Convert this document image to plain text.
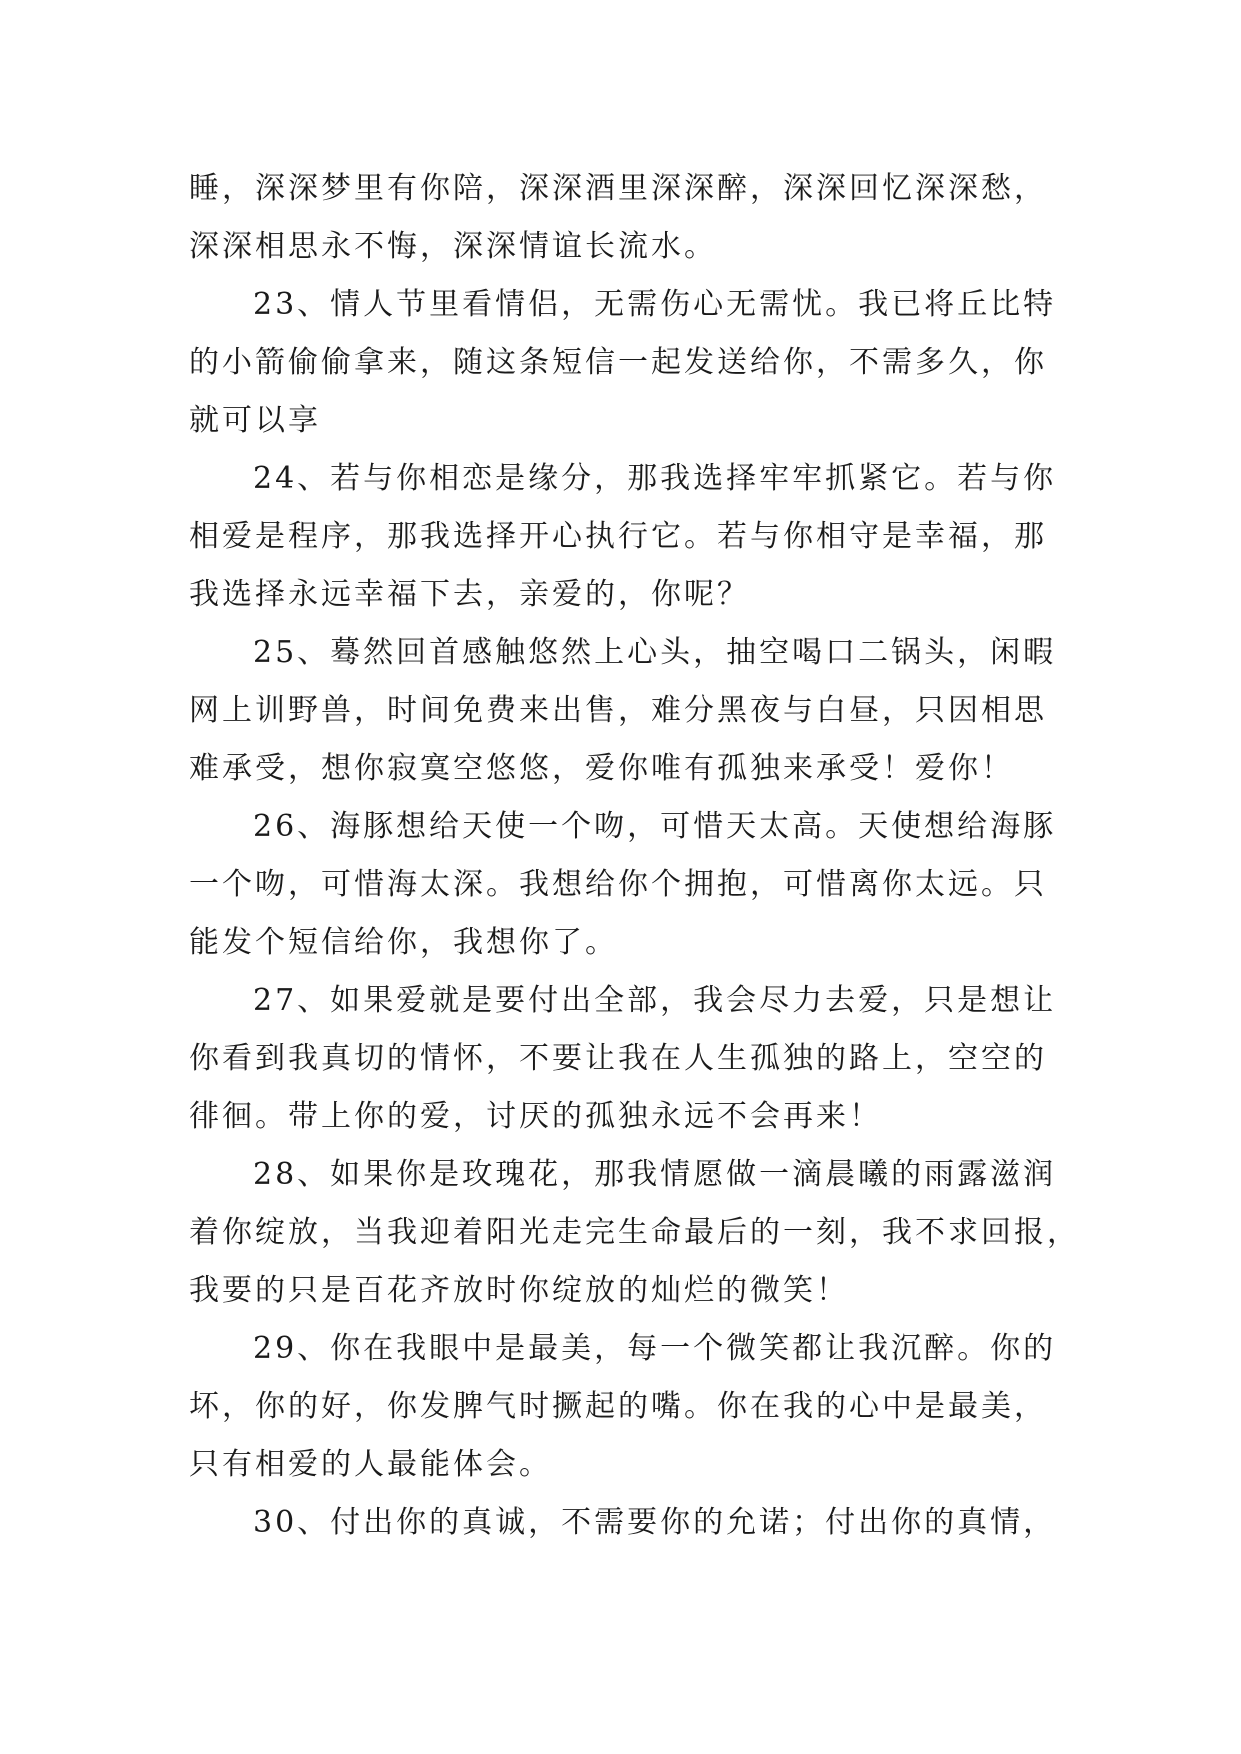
睡，深深梦里有你陪，深深酒里深深醉，深深回忆深深愁，
深深相思永不悔，深深情谊长流水。

23、情人节里看情侣，无需伤心无需忧。我已将丘比特
的小箭偷偷拿来，随这条短信一起发送给你，不需多久，你
就可以享

24、若与你相恋是缘分，那我选择牢牢抓紧它。若与你
相爱是程序，那我选择开心执行它。若与你相守是幸福，那
我选择永远幸福下去，亲爱的，你呢？

25、蓦然回首感触悠然上心头，抽空喝口二锅头，闲暇
网上训野兽，时间免费来出售，难分黑夜与白昼，只因相思
难承受，想你寂寞空悠悠，爱你唯有孤独来承受！爱你！

26、海豚想给天使一个吻，可惜天太高。天使想给海豚
一个吻，可惜海太深。我想给你个拥抱，可惜离你太远。只
能发个短信给你，我想你了。

27、如果爱就是要付出全部，我会尽力去爱，只是想让
你看到我真切的情怀，不要让我在人生孤独的路上，空空的
徘徊。带上你的爱，讨厌的孤独永远不会再来！

28、如果你是玫瑰花，那我情愿做一滴晨曦的雨露滋润
着你绽放，当我迎着阳光走完生命最后的一刻，我不求回报，
我要的只是百花齐放时你绽放的灿烂的微笑！

29、你在我眼中是最美，每一个微笑都让我沉醉。你的
坏，你的好，你发脾气时撅起的嘴。你在我的心中是最美，
只有相爱的人最能体会。

30、付出你的真诚，不需要你的允诺；付出你的真情，
